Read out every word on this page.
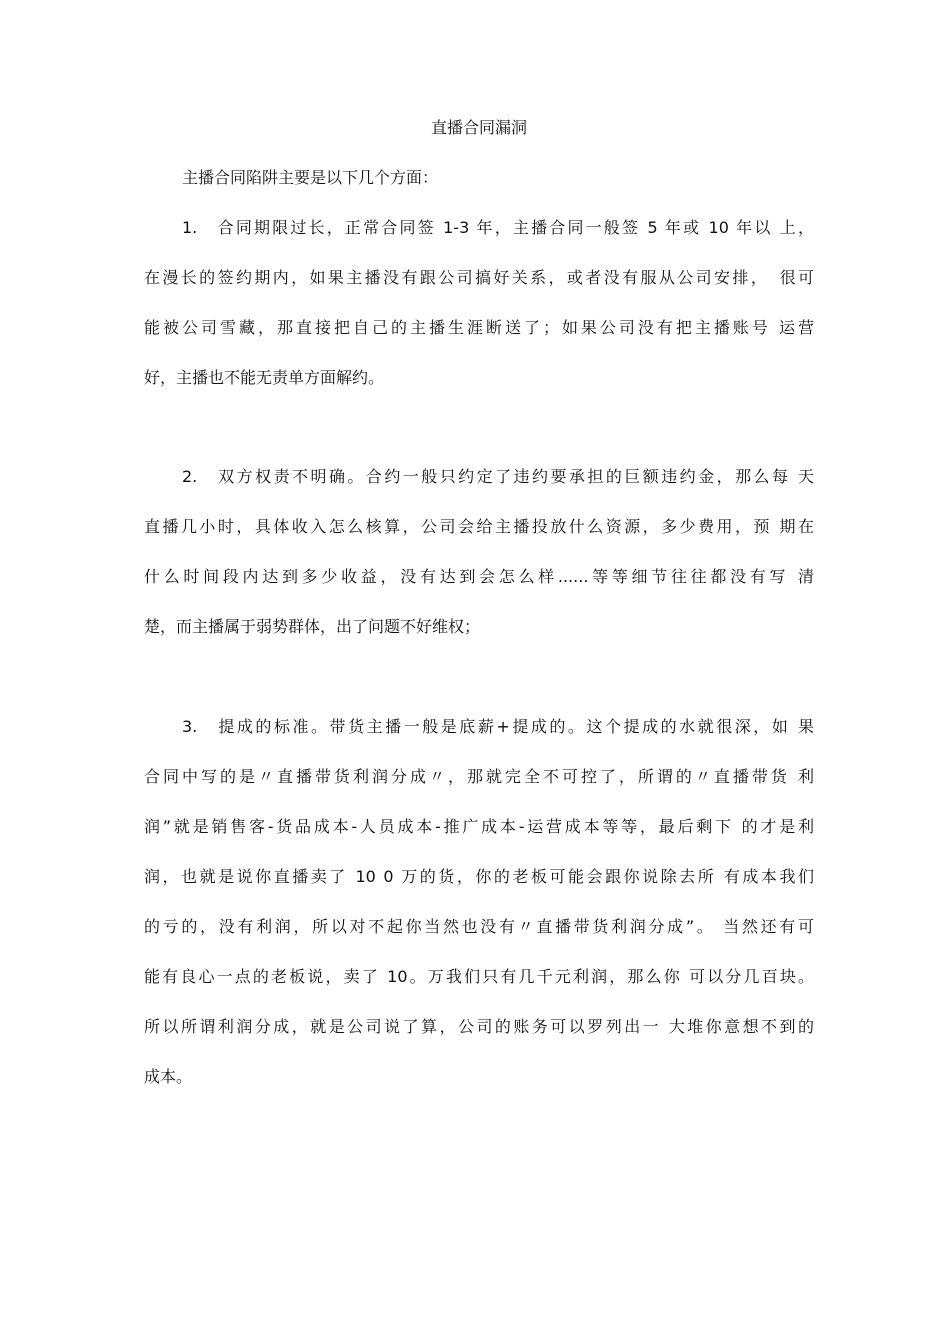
直播合同漏洞

主播合同陷阱主要是以下几个方面：

1.　合同期限过长，正常合同签 1-3 年，主播合同一般签 5 年或 10 年以 上，

在漫长的签约期内，如果主播没有跟公司搞好关系，或者没有服从公司安排，　很可

能被公司雪藏，那直接把自己的主播生涯断送了；如果公司没有把主播账号 运营

好，主播也不能无责单方面解约。

2.　双方权责不明确。合约一般只约定了违约要承担的巨额违约金，那么每 天

直播几小时，具体收入怎么核算，公司会给主播投放什么资源，多少费用，预 期在

什么时间段内达到多少收益，没有达到会怎么样......等等细节往往都没有写 清

楚，而主播属于弱势群体，出了问题不好维权；

3.　提成的标准。带货主播一般是底薪+提成的。这个提成的水就很深，如 果

合同中写的是〃直播带货利润分成〃，那就完全不可控了，所谓的〃直播带货 利

润”就是销售客-货品成本-人员成本-推广成本-运营成本等等，最后剩下 的才是利

润，也就是说你直播卖了 10 0 万的货，你的老板可能会跟你说除去所 有成本我们

的亏的，没有利润，所以对不起你当然也没有〃直播带货利润分成”。 当然还有可

能有良心一点的老板说，卖了 10。万我们只有几千元利润，那么你 可以分几百块。

所以所谓利润分成，就是公司说了算，公司的账务可以罗列出一 大堆你意想不到的

成本。
